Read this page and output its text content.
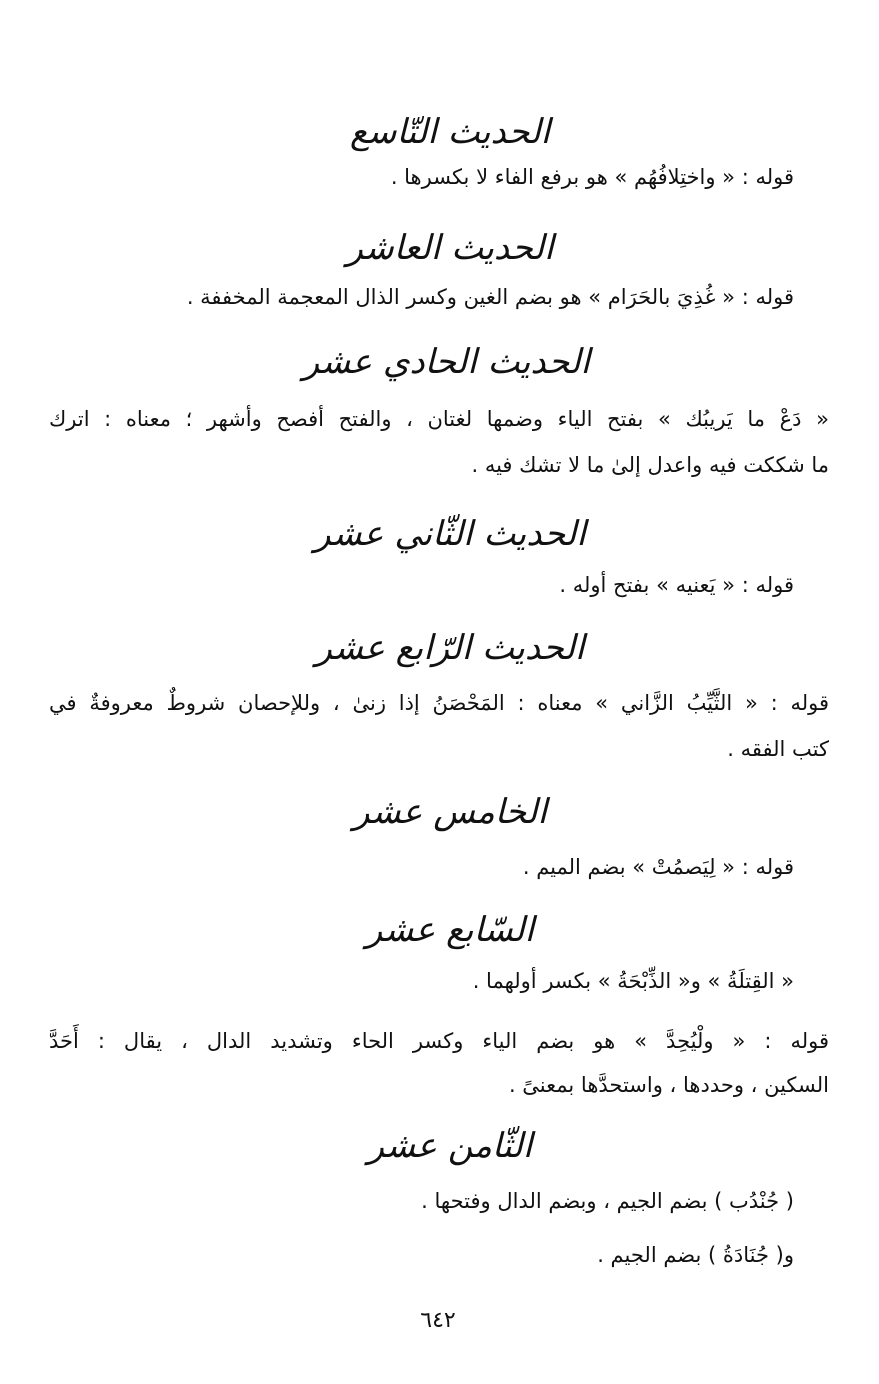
الحديث التّاسع
قوله : « واختِلافُهُم » هو برفع الفاء لا بكسرها .
الحديث العاشر
قوله : « غُذِيَ بالحَرَام » هو بضم الغين وكسر الذال المعجمة المخففة .
الحديث الحادي عشر
« دَعْ ما يَريبُك » بفتح الياء وضمها لغتان ، والفتح أفصح وأشهر ؛ معناه : اترك
ما شككت فيه واعدل إلىٰ ما لا تشك فيه .
الحديث الثّاني عشر
قوله : « يَعنيه » بفتح أوله .
الحديث الرّابع عشر
قوله : « الثَّيِّبُ الزَّاني » معناه : المَحْصَنُ إذا زنىٰ ، وللإحصان شروطٌ معروفةٌ في
كتب الفقه .
الخامس عشر
قوله : « لِيَصمُتْ » بضم الميم .
السّابع عشر
« القِتلَةُ » و« الذِّبْحَةُ » بكسر أولهما .
قوله : « ولْيُحِدَّ » هو بضم الياء وكسر الحاء وتشديد الدال ، يقال : أَحَدَّ
السكين ، وحددها ، واستحدَّها بمعنىً .
الثّامن عشر
( جُنْدُب ) بضم الجيم ، وبضم الدال وفتحها .
و( جُنَادَةُ ) بضم الجيم .
٦٤٢
